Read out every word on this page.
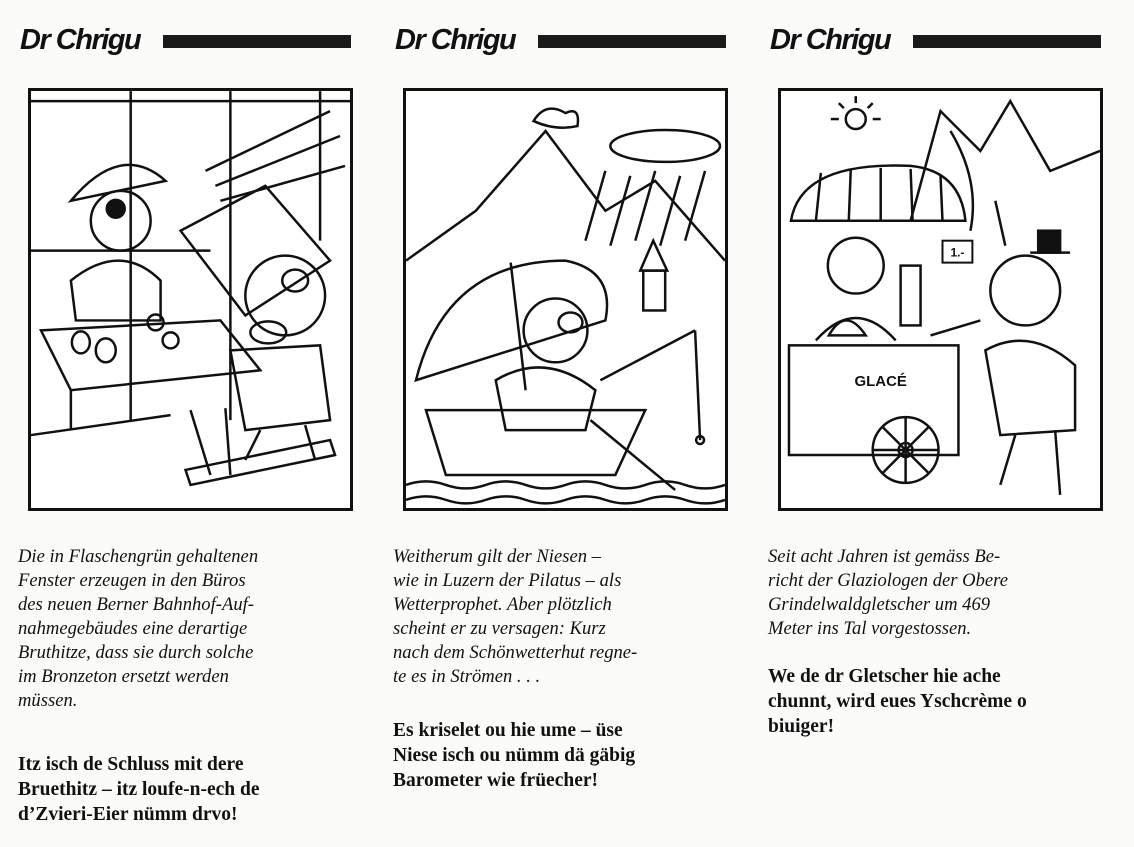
Dr Chrigu

Die in Flaschengrün gehaltenen
Fenster erzeugen in den Büros
des neuen Berner Bahnhof-Auf-
nahmegebäudes eine derartige
Bruthitze, dass sie durch solche
im Bronzeton ersetzt werden
müssen.

Itz isch de Schluss mit dere
Bruethitz – itz loufe-n-ech de
d’Zvieri-Eier nümm drvo!

Dr Chrigu

Weitherum gilt der Niesen –
wie in Luzern der Pilatus – als
Wetterprophet. Aber plötzlich
scheint er zu versagen: Kurz
nach dem Schönwetterhut regne-
te es in Strömen . . .

Es kriselet ou hie ume – üse
Niese isch ou nümm dä gäbig
Barometer wie früecher!

Dr Chrigu
GLACÉ
1.-

Seit acht Jahren ist gemäss Be-
richt der Glaziologen der Obere
Grindelwaldgletscher um 469
Meter ins Tal vorgestossen.

We de dr Gletscher hie ache
chunnt, wird eues Yschcrème o
biuiger!
